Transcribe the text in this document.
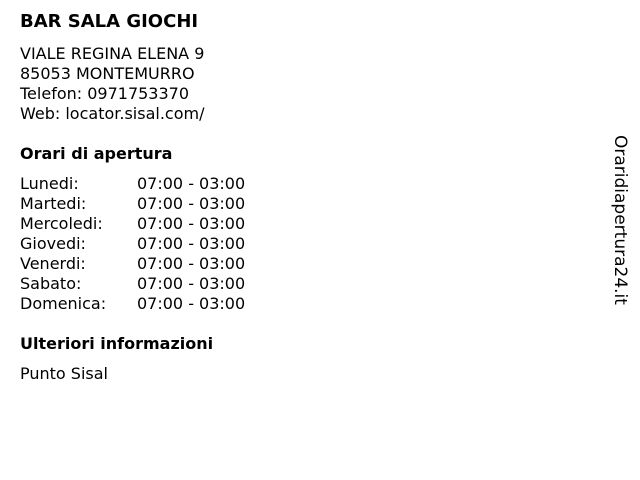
BAR SALA GIOCHI
VIALE REGINA ELENA 9
85053 MONTEMURRO
Telefon: 0971753370
Web: locator.sisal.com/
Orari di apertura
Lunedi:	07:00 - 03:00
Martedi:	07:00 - 03:00
Mercoledi:	07:00 - 03:00
Giovedi:	07:00 - 03:00
Venerdi:	07:00 - 03:00
Sabato:	07:00 - 03:00
Domenica:	07:00 - 03:00
Ulteriori informazioni
Punto Sisal
Oraridiapertura24.it
